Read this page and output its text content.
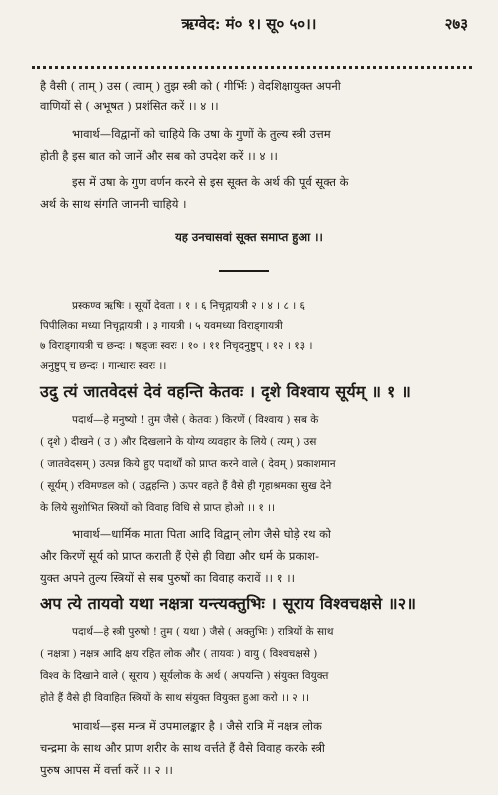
ऋग्वेद: मं० १। सू० ५०।।	२७३
है वैसी ( ताम् ) उस ( त्वाम् ) तुझ स्त्री को ( गीर्भिः ) वेदशिक्षायुक्त अपनी
वाणियों से ( अभूषत ) प्रशंसित करें ।। ४ ।।
भावार्थ—विद्वानों को चाहिये कि उषा के गुणों के तुल्य स्त्री उत्तम
होती है इस बात को जानें और सब को उपदेश करें ।। ४ ।।
इस में उषा के गुण वर्णन करने से इस सूक्त के अर्थ की पूर्व सूक्त के
अर्थ के साथ संगति जाननी चाहिये ।
यह उनचासवां सूक्त समाप्त हुआ ।।
प्रस्कण्व ऋषिः । सूर्यो देवता । १ । ६ निचृद्गायत्री २ । ४ । ८ । ६
पिपीलिका मध्या निचृद्गायत्री । ३ गायत्री । ५ यवमध्या विराड्गायत्री
७ विराड्गायत्री च छन्दः । षड्जः स्वरः । १० । ११ निचृदनुष्टुप् । १२ । १३ ।
अनुष्टुप् च छन्दः । गान्धारः स्वरः ।।
उदु त्यं जातवेदसं देवं वहन्ति केतवः । दृशे विश्वाय सूर्यम् ॥ १ ॥
पदार्थ—हे मनुष्यो ! तुम जैसे ( केतवः ) किरणें ( विश्वाय ) सब के
( दृशे ) दीखने ( उ ) और दिखलाने के योग्य व्यवहार के लिये ( त्यम् ) उस
( जातवेदसम् ) उत्पन्न किये हुए पदार्थों को प्राप्त करने वाले ( देवम् ) प्रकाशमान
( सूर्यम् ) रविमण्डल को ( उद्वहन्ति ) ऊपर वहते हैं वैसे ही गृहाश्रमका सुख देने
के लिये सुशोभित स्त्रियों को विवाह विधि से प्राप्त होओ ।। १ ।।
भावार्थ—धार्मिक माता पिता आदि विद्वान् लोग जैसे घोड़े रथ को
और किरणें सूर्य को प्राप्त कराती हैं ऐसे ही विद्या और धर्म के प्रकाश-
युक्त अपने तुल्य स्त्रियों से सब पुरुषों का विवाह करावें ।। १ ।।
अप त्ये तायवो यथा नक्षत्रा यन्त्यक्तुभिः । सूराय विश्वचक्षसे ॥२॥
पदार्थ—हे स्त्री पुरुषो ! तुम ( यथा ) जैसे ( अक्तुभिः ) रात्रियों के साथ
( नक्षत्रा ) नक्षत्र आदि क्षय रहित लोक और ( तायवः ) वायु ( विश्वचक्षसे )
विश्व के दिखाने वाले ( सूराय ) सूर्यलोक के अर्थ ( अपयन्ति ) संयुक्त वियुक्त
होते हैं वैसे ही विवाहित स्त्रियों के साथ संयुक्त वियुक्त हुआ करो ।। २ ।।
भावार्थ—इस मन्त्र में उपमालङ्कार है । जैसे रात्रि में नक्षत्र लोक
चन्द्रमा के साथ और प्राण शरीर के साथ वर्त्तते हैं वैसे विवाह करके स्त्री
पुरुष आपस में वर्त्ता करें ।। २ ।।
